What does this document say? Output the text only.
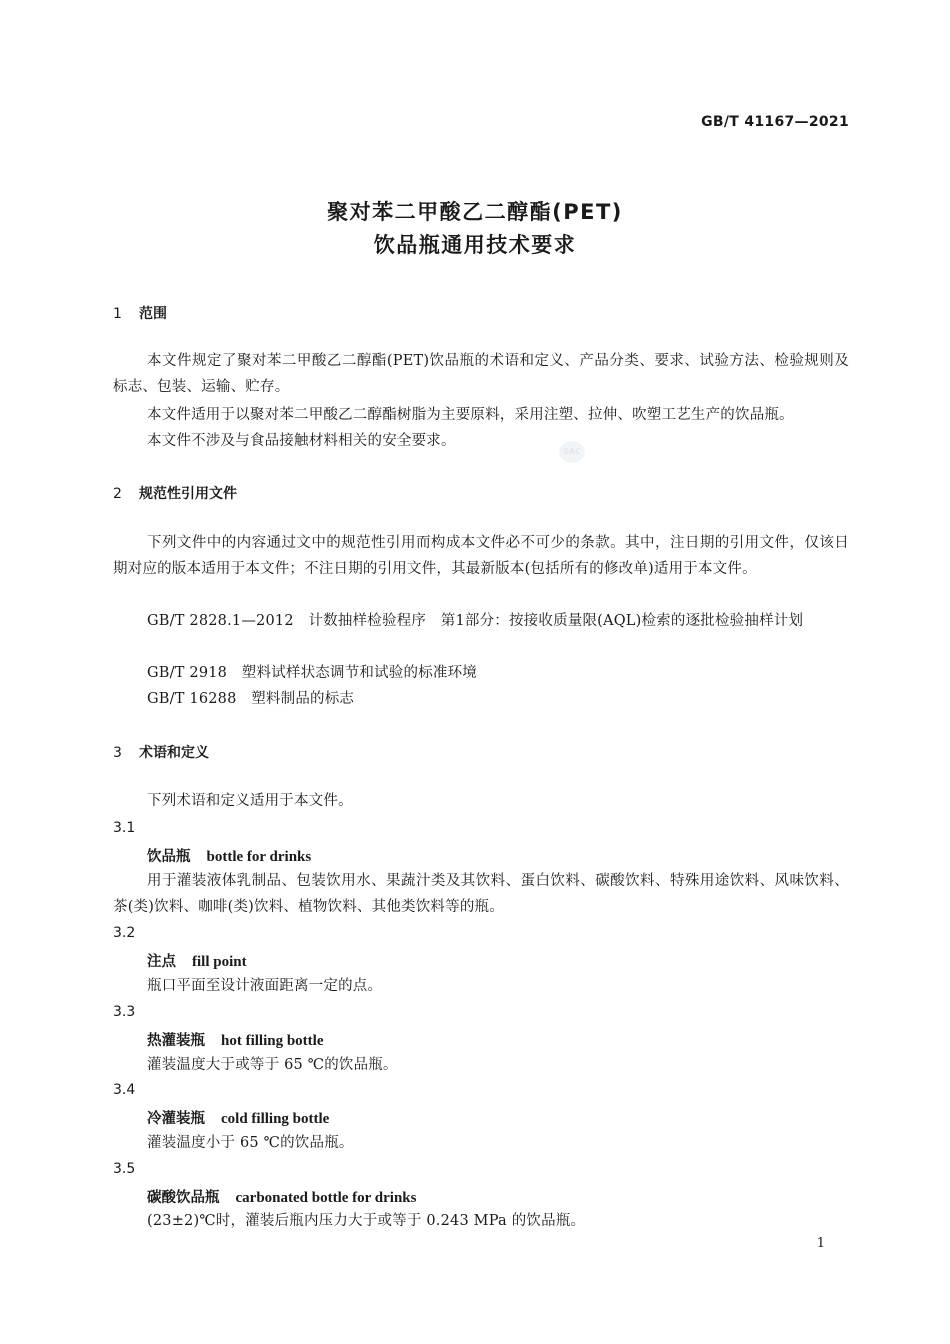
GB/T 41167—2021
聚对苯二甲酸乙二醇酯(PET)
饮品瓶通用技术要求
1 范围
本文件规定了聚对苯二甲酸乙二醇酯(PET)饮品瓶的术语和定义、产品分类、要求、试验方法、检验规则及标志、包装、运输、贮存。
本文件适用于以聚对苯二甲酸乙二醇酯树脂为主要原料，采用注塑、拉伸、吹塑工艺生产的饮品瓶。
本文件不涉及与食品接触材料相关的安全要求。
SAC
2 规范性引用文件
下列文件中的内容通过文中的规范性引用而构成本文件必不可少的条款。其中，注日期的引用文件，仅该日期对应的版本适用于本文件；不注日期的引用文件，其最新版本(包括所有的修改单)适用于本文件。
GB/T 2828.1—2012　计数抽样检验程序　第1部分：按接收质量限(AQL)检索的逐批检验抽样计划
GB/T 2918　塑料试样状态调节和试验的标准环境
GB/T 16288　塑料制品的标志
3 术语和定义
下列术语和定义适用于本文件。
3.1
饮品瓶 bottle for drinks
用于灌装液体乳制品、包装饮用水、果蔬汁类及其饮料、蛋白饮料、碳酸饮料、特殊用途饮料、风味饮料、茶(类)饮料、咖啡(类)饮料、植物饮料、其他类饮料等的瓶。
3.2
注点 fill point
瓶口平面至设计液面距离一定的点。
3.3
热灌装瓶 hot filling bottle
灌装温度大于或等于 65 ℃的饮品瓶。
3.4
冷灌装瓶 cold filling bottle
灌装温度小于 65 ℃的饮品瓶。
3.5
碳酸饮品瓶 carbonated bottle for drinks
(23±2)℃时，灌装后瓶内压力大于或等于 0.243 MPa 的饮品瓶。
1
